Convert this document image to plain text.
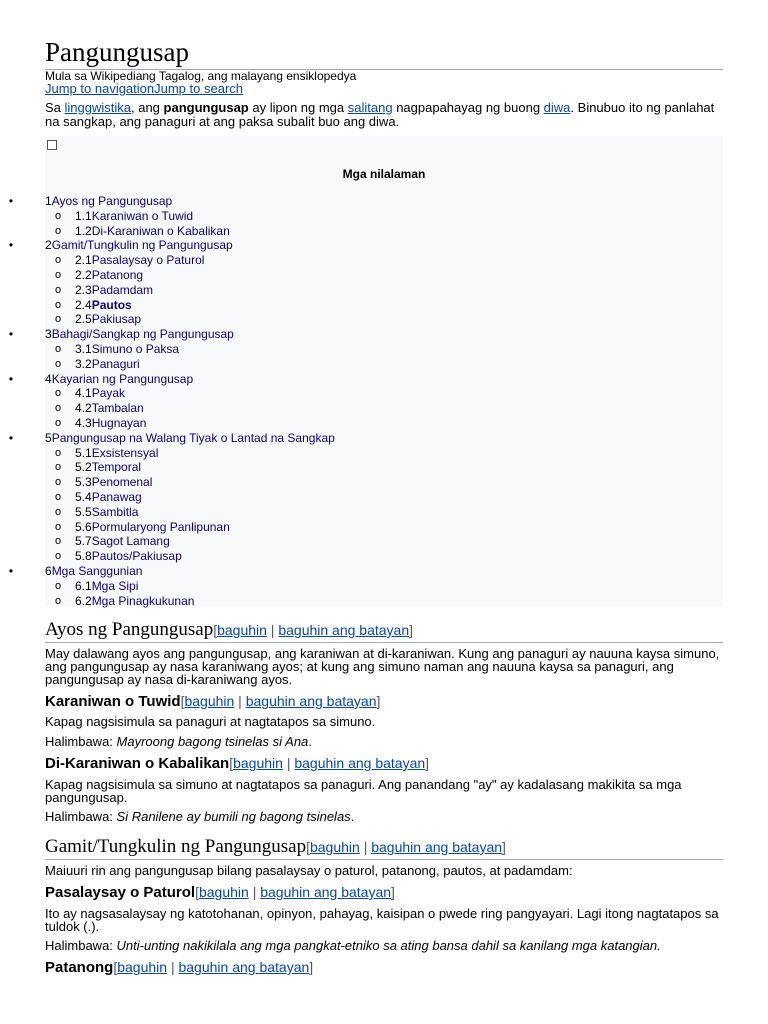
Pangungusap
Mula sa Wikipediang Tagalog, ang malayang ensiklopedya
Jump to navigationJump to search
Sa linggwistika, ang pangungusap ay lipon ng mga salitang nagpapahayag ng buong diwa. Binubuo ito ng panlahat na sangkap, ang panaguri at ang paksa subalit buo ang diwa.
Mga nilalaman
•	1Ayos ng Pangungusap
o 1.1Karaniwan o Tuwid
o 1.2Di-Karaniwan o Kabalikan
•	2Gamit/Tungkulin ng Pangungusap
o 2.1Pasalaysay o Paturol
o 2.2Patanong
o 2.3Padamdam
o 2.4Pautos
o 2.5Pakiusap
•	3Bahagi/Sangkap ng Pangungusap
o 3.1Simuno o Paksa
o 3.2Panaguri
•	4Kayarian ng Pangungusap
o 4.1Payak
o 4.2Tambalan
o 4.3Hugnayan
•	5Pangungusap na Walang Tiyak o Lantad na Sangkap
o 5.1Exsistensyal
o 5.2Temporal
o 5.3Penomenal
o 5.4Panawag
o 5.5Sambitla
o 5.6Pormularyong Panlipunan
o 5.7Sagot Lamang
o 5.8Pautos/Pakiusap
•	6Mga Sanggunian
o 6.1Mga Sipi
o 6.2Mga Pinagkukunan
Ayos ng Pangungusap[baguhin | baguhin ang batayan]
May dalawang ayos ang pangungusap, ang karaniwan at di-karaniwan. Kung ang panaguri ay nauuna kaysa simuno, ang pangungusap ay nasa karaniwang ayos; at kung ang simuno naman ang nauuna kaysa sa panaguri, ang pangungusap ay nasa di-karaniwang ayos.
Karaniwan o Tuwid[baguhin | baguhin ang batayan]
Kapag nagsisimula sa panaguri at nagtatapos sa simuno.
Halimbawa: Mayroong bagong tsinelas si Ana.
Di-Karaniwan o Kabalikan[baguhin | baguhin ang batayan]
Kapag nagsisimula sa simuno at nagtatapos sa panaguri. Ang panandang "ay" ay kadalasang makikita sa mga pangungusap.
Halimbawa: Si Ranilene ay bumili ng bagong tsinelas.
Gamit/Tungkulin ng Pangungusap[baguhin | baguhin ang batayan]
Maiuuri rin ang pangungusap bilang pasalaysay o paturol, patanong, pautos, at padamdam:
Pasalaysay o Paturol[baguhin | baguhin ang batayan]
Ito ay nagsasalaysay ng katotohanan, opinyon, pahayag, kaisipan o pwede ring pangyayari. Lagi itong nagtatapos sa tuldok (.).
Halimbawa: Unti-unting nakikilala ang mga pangkat-etniko sa ating bansa dahil sa kanilang mga katangian.
Patanong[baguhin | baguhin ang batayan]
